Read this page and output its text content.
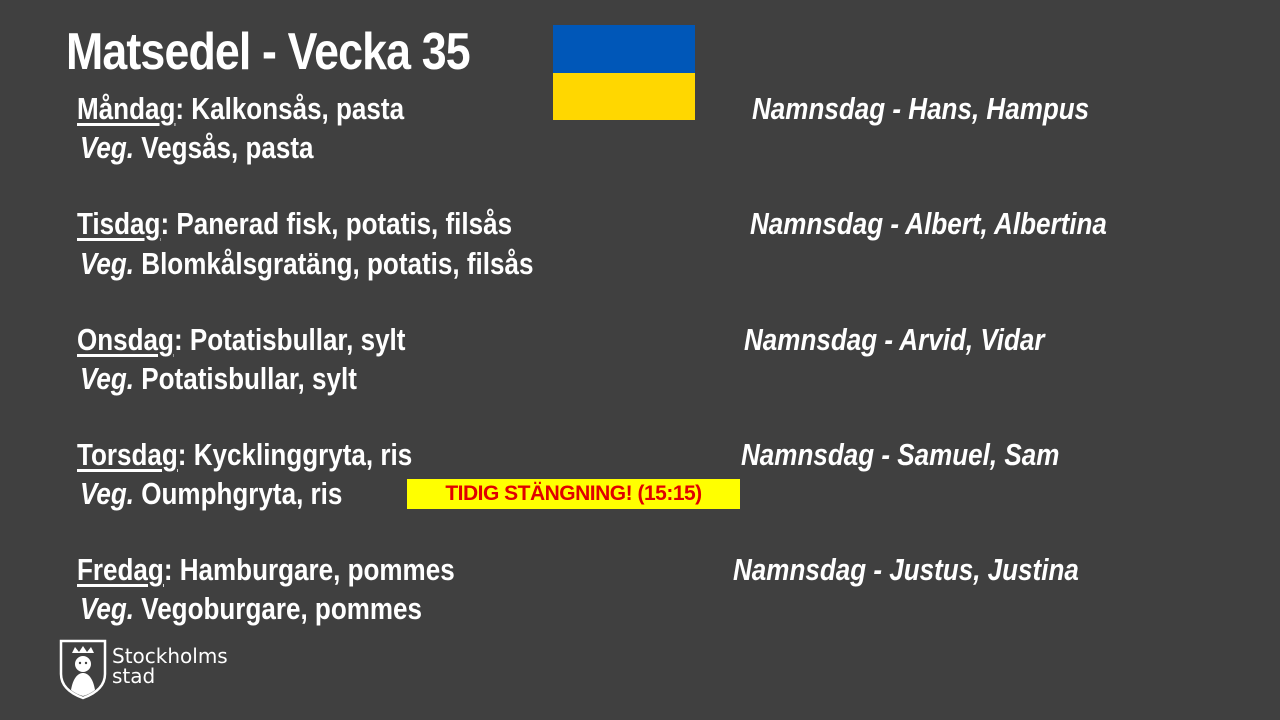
Matsedel - Vecka 35
Måndag: Kalkonsås, pasta
Veg. Vegsås, pasta
Namnsdag - Hans, Hampus
Tisdag: Panerad fisk, potatis, filsås
Veg. Blomkålsgratäng, potatis, filsås
Namnsdag - Albert, Albertina
Onsdag: Potatisbullar, sylt
Veg. Potatisbullar, sylt
Namnsdag - Arvid, Vidar
Torsdag: Kycklinggryta, ris
Veg. Oumphgryta, ris
Namnsdag - Samuel, Sam
TIDIG STÄNGNING! (15:15)
Fredag: Hamburgare, pommes
Veg. Vegoburgare, pommes
Namnsdag - Justus, Justina
Stockholms
stad
